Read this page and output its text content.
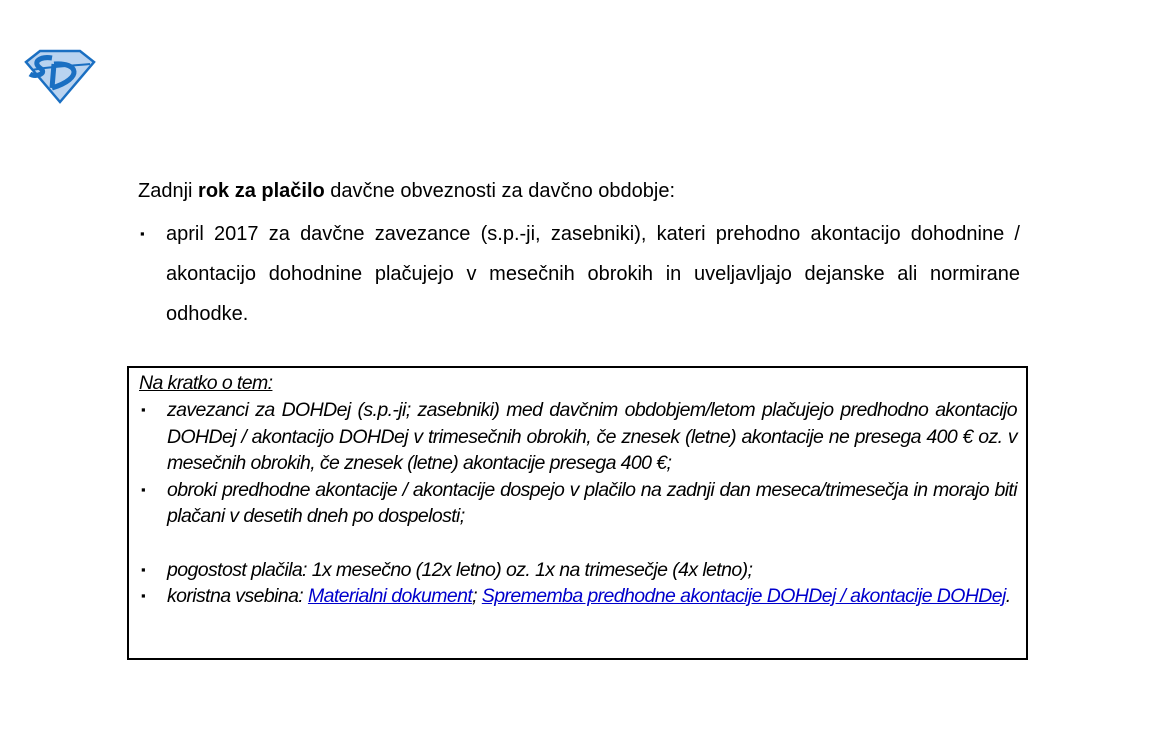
Zadnji rok za plačilo davčne obveznosti za davčno obdobje:

▪ april 2017 za davčne zavezance (s.p.-ji, zasebniki), kateri prehodno akontacijo dohodnine / akontacijo dohodnine plačujejo v mesečnih obrokih in uveljavljajo dejanske ali normirane odhodke.
Na kratko o tem:
▪ zavezanci za DOHDej (s.p.-ji; zasebniki) med davčnim obdobjem/letom plačujejo predhodno akontacijo DOHDej / akontacijo DOHDej v trimesečnih obrokih, če znesek (letne) akontacije ne presega 400 € oz. v mesečnih obrokih, če znesek (letne) akontacije presega 400 €;
▪ obroki predhodne akontacije / akontacije dospejo v plačilo na zadnji dan meseca/trimesečja in morajo biti plačani v desetih dneh po dospelosti;
▪ pogostost plačila: 1x mesečno (12x letno) oz. 1x na trimesečje (4x letno);
▪ koristna vsebina: Materialni dokument; Sprememba predhodne akontacije DOHDej / akontacije DOHDej.
